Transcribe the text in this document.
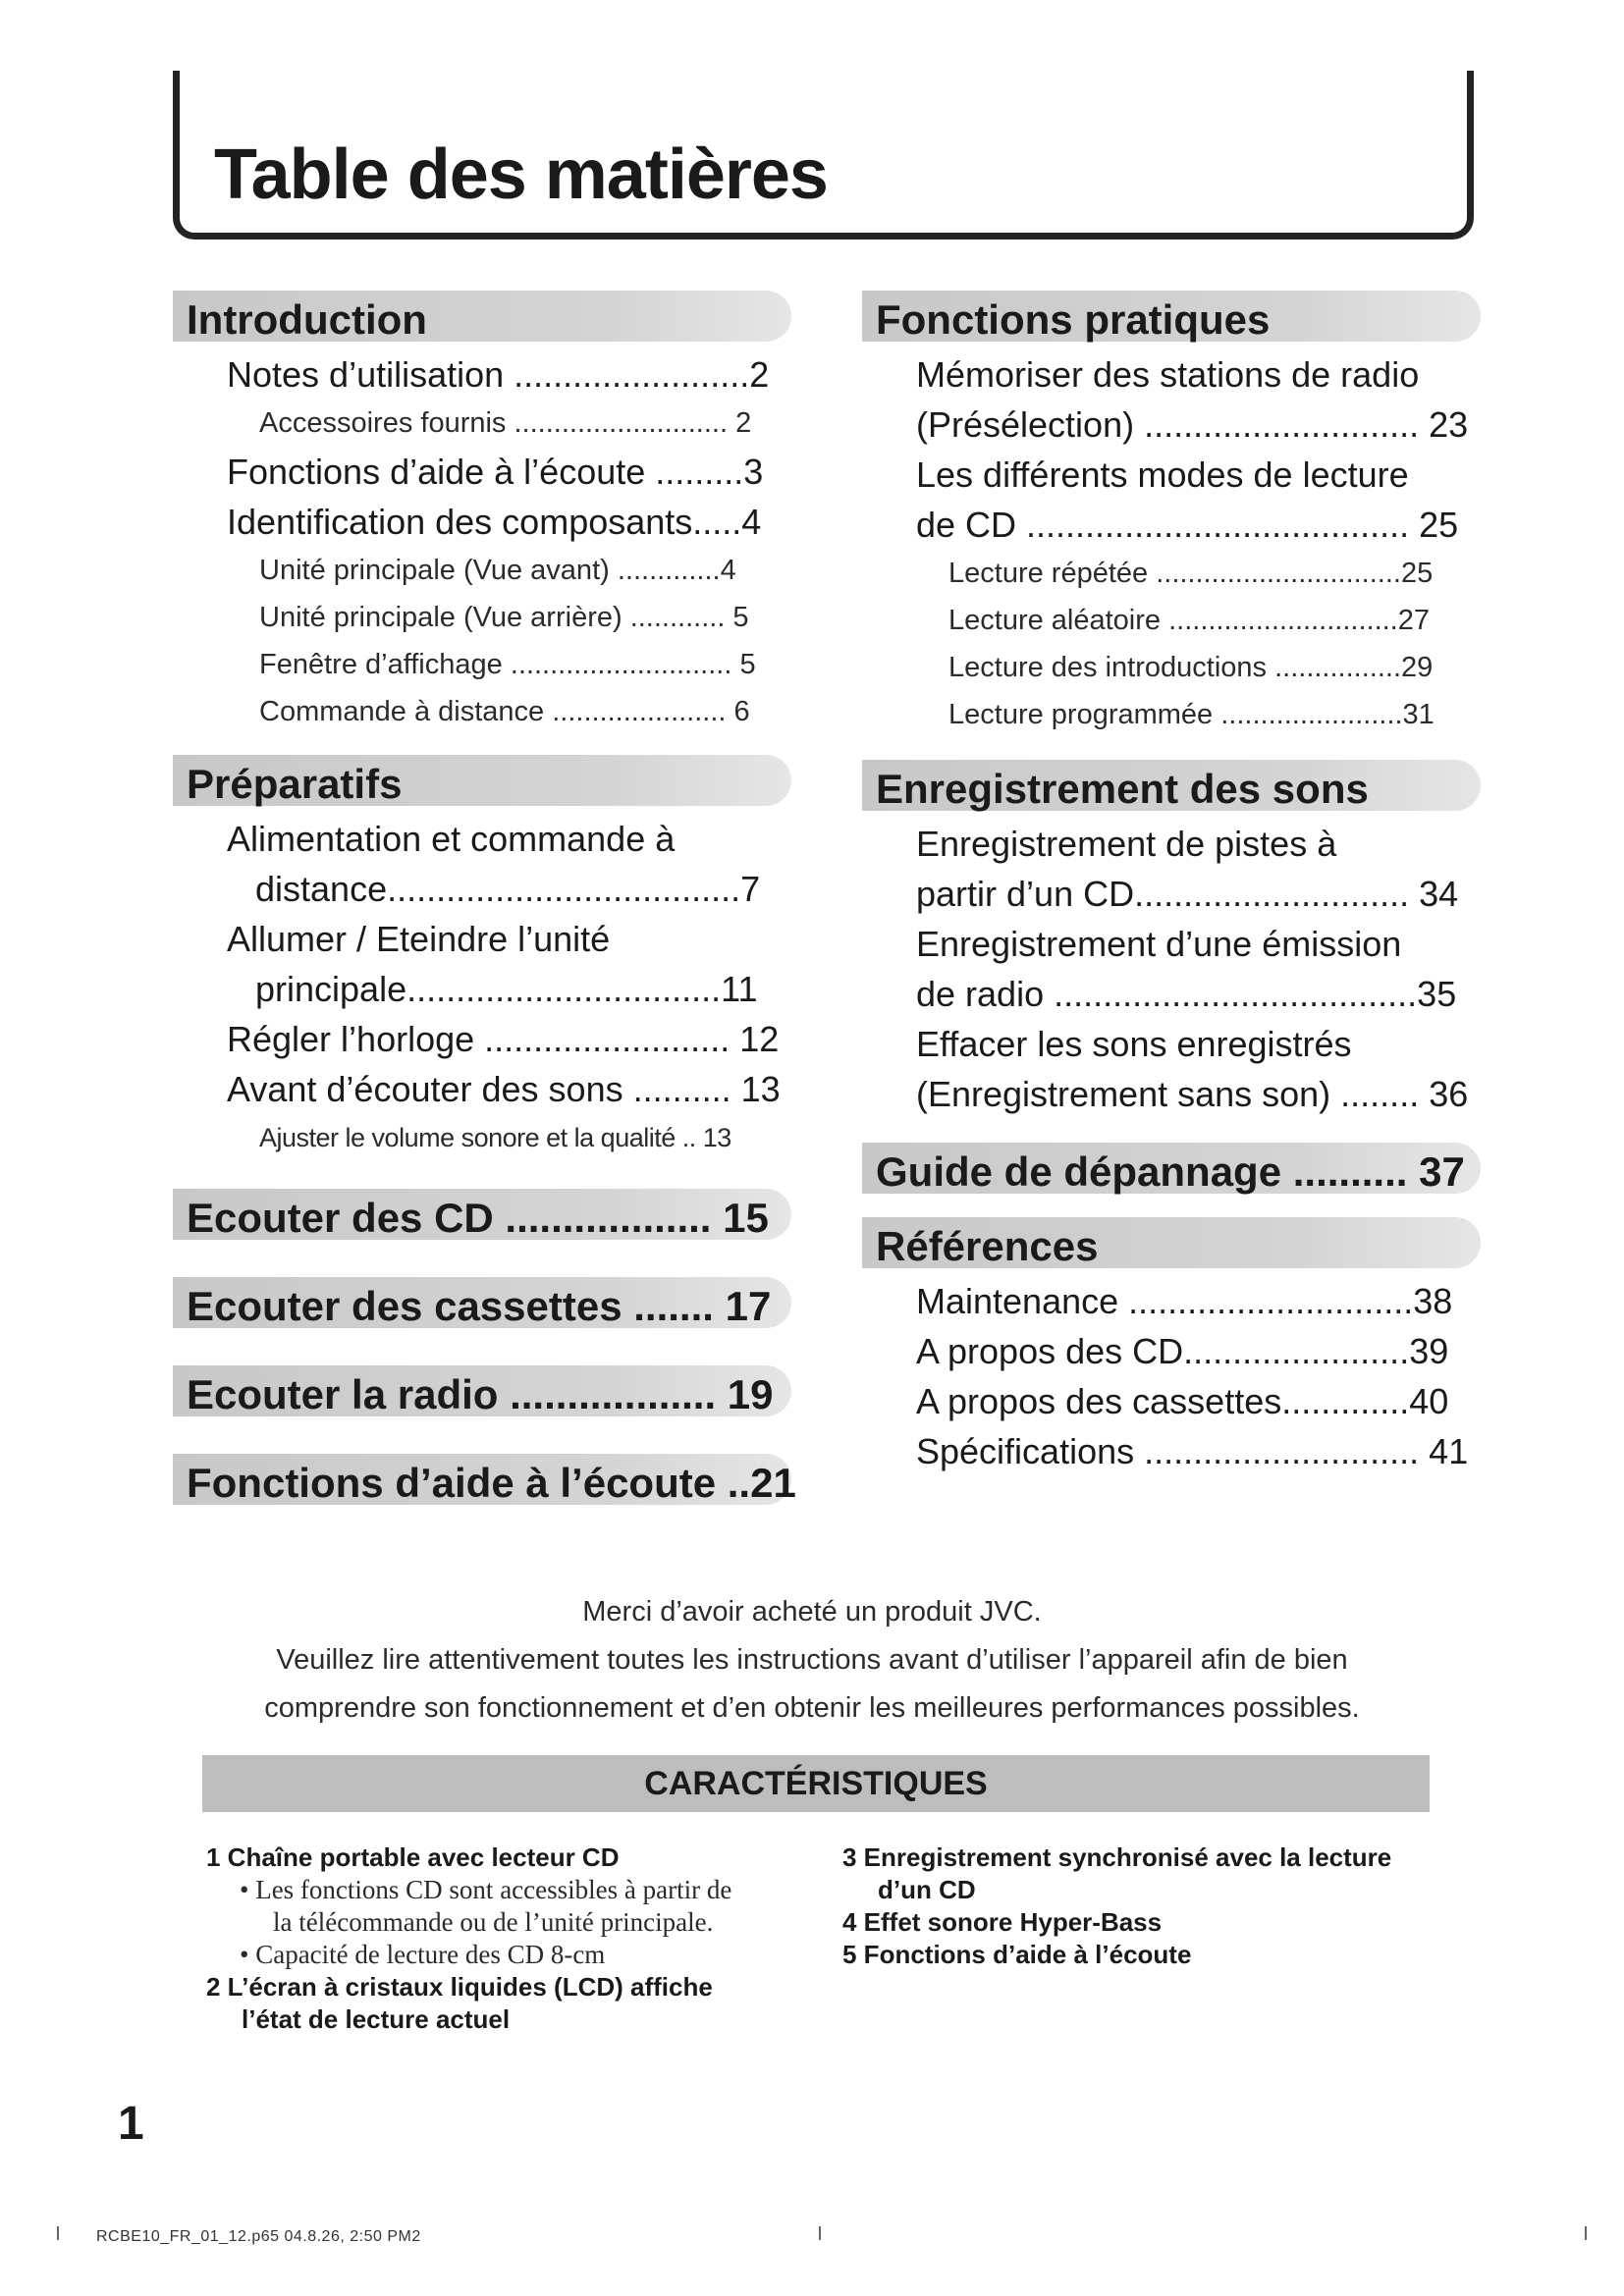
Table des matières
Introduction
Notes d’utilisation ........................2
Accessoires fournis ........................... 2
Fonctions d’aide à l’écoute .........3
Identification des composants.....4
Unité principale (Vue avant) .............4
Unité principale (Vue arrière) ............ 5
Fenêtre d’affichage ............................ 5
Commande à distance ...................... 6
Préparatifs
Alimentation et commande à
distance....................................7
Allumer / Eteindre l’unité
principale................................11
Régler l’horloge ......................... 12
Avant d’écouter des sons .......... 13
Ajuster le volume sonore et la qualité .. 13
Ecouter des CD .................. 15
Ecouter des cassettes ....... 17
Ecouter la radio .................. 19
Fonctions d’aide à l’écoute ..21
Fonctions pratiques
Mémoriser des stations de radio
(Présélection) ............................ 23
Les différents modes de lecture
de CD ....................................... 25
Lecture répétée ...............................25
Lecture aléatoire .............................27
Lecture des introductions ................29
Lecture programmée .......................31
Enregistrement des sons
Enregistrement de pistes à
partir d’un CD............................ 34
Enregistrement d’une émission
de radio .....................................35
Effacer les sons enregistrés
(Enregistrement sans son) ........ 36
Guide de dépannage .......... 37
Références
Maintenance .............................38
A propos des CD.......................39
A propos des cassettes.............40
Spécifications ............................ 41
Merci d’avoir acheté un produit JVC.
Veuillez lire attentivement toutes les instructions avant d’utiliser l’appareil afin de bien
comprendre son fonctionnement et d’en obtenir les meilleures performances possibles.
CARACTÉRISTIQUES
1 Chaîne portable avec lecteur CD
• Les fonctions CD sont accessibles à partir de
la télécommande ou de l’unité principale.
• Capacité de lecture des CD 8-cm
2 L’écran à cristaux liquides (LCD) affiche
l’état de lecture actuel
3 Enregistrement synchronisé avec la lecture
d’un CD
4 Effet sonore Hyper-Bass
5 Fonctions d’aide à l’écoute
1
RCBE10_FR_01_12.p65 04.8.26, 2:50 PM2
